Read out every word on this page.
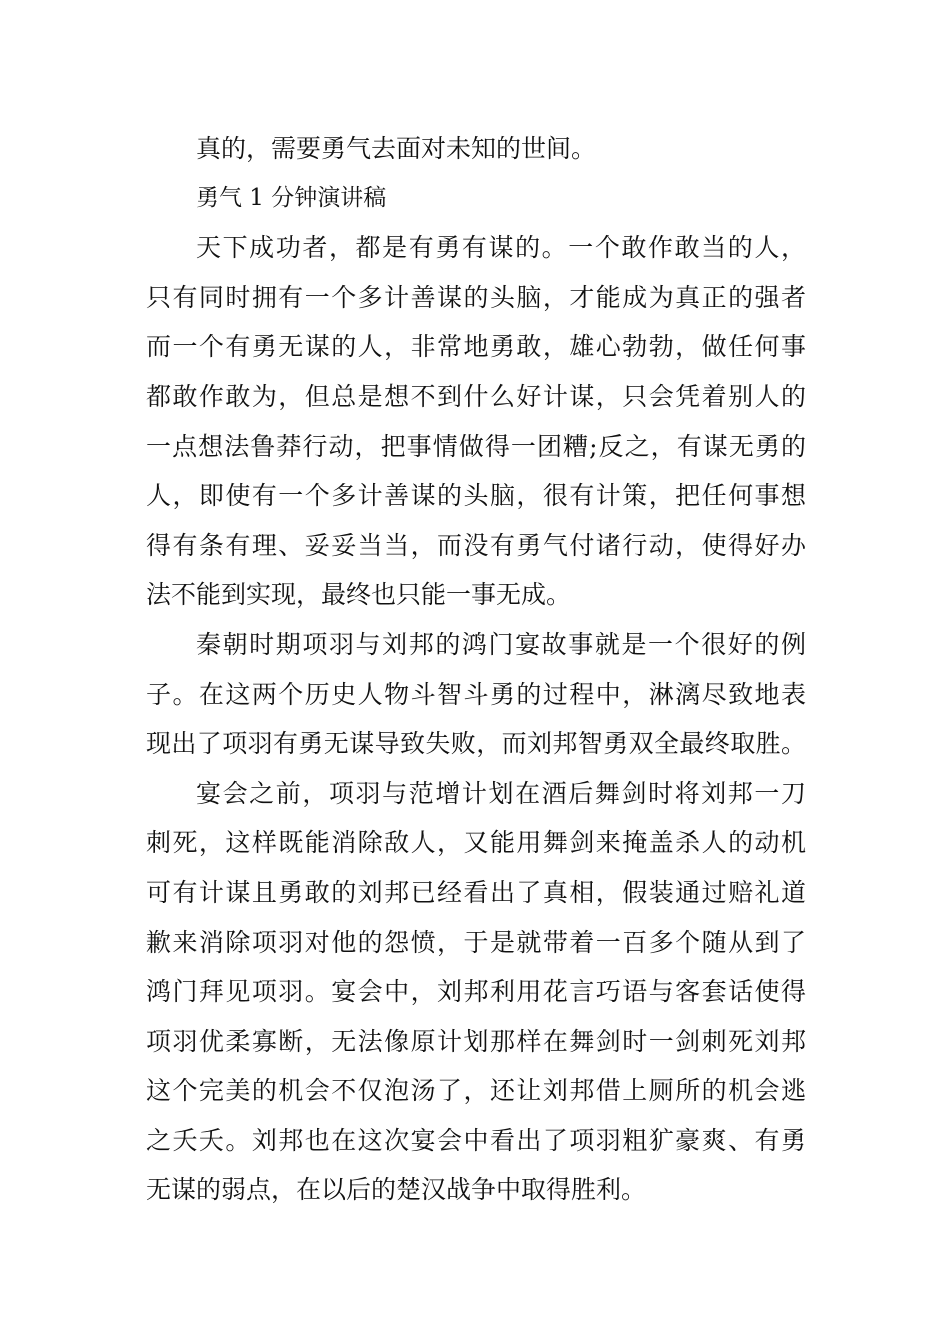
真的，需要勇气去面对未知的世间。
勇气 1 分钟演讲稿
天下成功者，都是有勇有谋的。一个敢作敢当的人，
只有同时拥有一个多计善谋的头脑，才能成为真正的强者
而一个有勇无谋的人，非常地勇敢，雄心勃勃，做任何事
都敢作敢为，但总是想不到什么好计谋，只会凭着别人的
一点想法鲁莽行动，把事情做得一团糟;反之，有谋无勇的
人，即使有一个多计善谋的头脑，很有计策，把任何事想
得有条有理、妥妥当当，而没有勇气付诸行动，使得好办
法不能到实现，最终也只能一事无成。
秦朝时期项羽与刘邦的鸿门宴故事就是一个很好的例
子。在这两个历史人物斗智斗勇的过程中，淋漓尽致地表
现出了项羽有勇无谋导致失败，而刘邦智勇双全最终取胜。
宴会之前，项羽与范增计划在酒后舞剑时将刘邦一刀
刺死，这样既能消除敌人，又能用舞剑来掩盖杀人的动机
可有计谋且勇敢的刘邦已经看出了真相，假装通过赔礼道
歉来消除项羽对他的怨愤，于是就带着一百多个随从到了
鸿门拜见项羽。宴会中，刘邦利用花言巧语与客套话使得
项羽优柔寡断，无法像原计划那样在舞剑时一剑刺死刘邦
这个完美的机会不仅泡汤了，还让刘邦借上厕所的机会逃
之夭夭。刘邦也在这次宴会中看出了项羽粗犷豪爽、有勇
无谋的弱点，在以后的楚汉战争中取得胜利。
